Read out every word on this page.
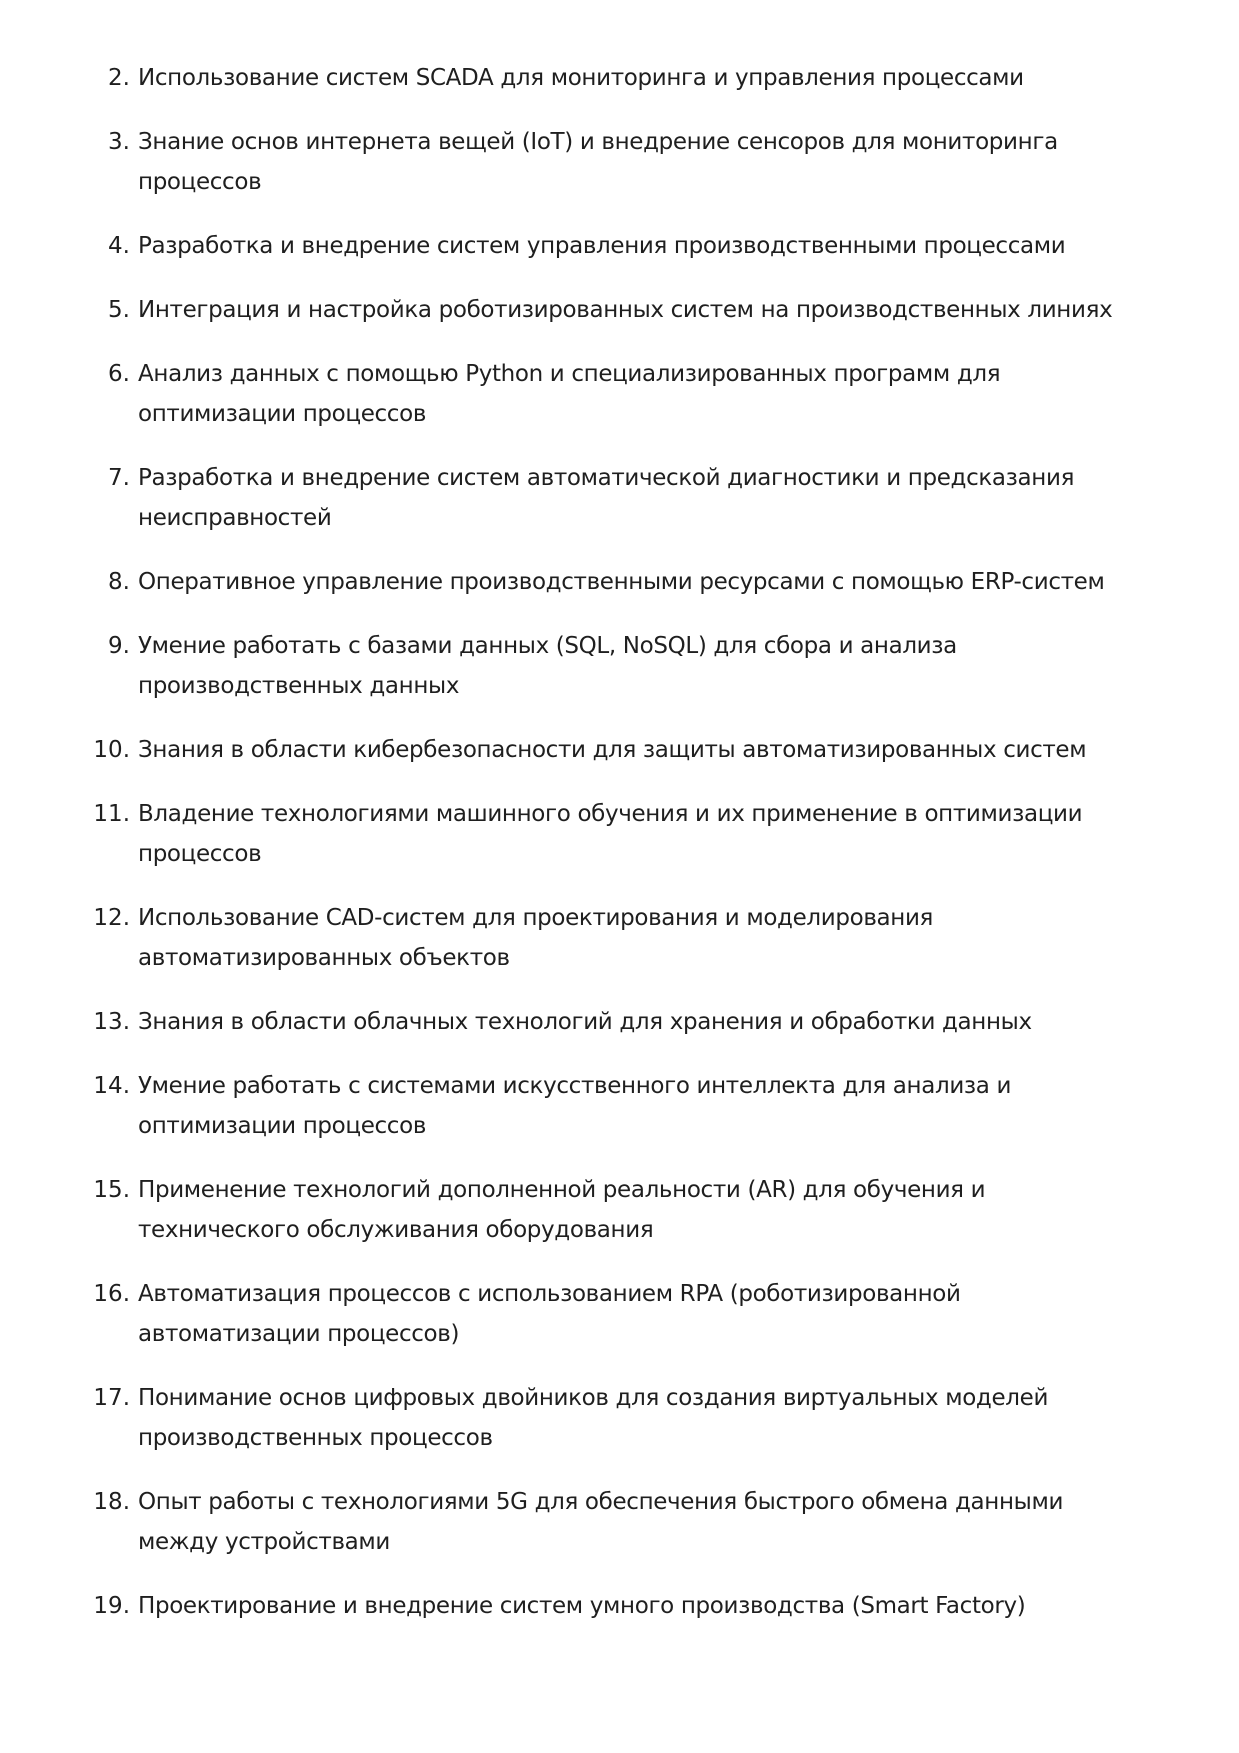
2. Использование систем SCADA для мониторинга и управления процессами
3. Знание основ интернета вещей (IoT) и внедрение сенсоров для мониторинга процессов
4. Разработка и внедрение систем управления производственными процессами
5. Интеграция и настройка роботизированных систем на производственных линиях
6. Анализ данных с помощью Python и специализированных программ для оптимизации процессов
7. Разработка и внедрение систем автоматической диагностики и предсказания неисправностей
8. Оперативное управление производственными ресурсами с помощью ERP-систем
9. Умение работать с базами данных (SQL, NoSQL) для сбора и анализа производственных данных
10. Знания в области кибербезопасности для защиты автоматизированных систем
11. Владение технологиями машинного обучения и их применение в оптимизации процессов
12. Использование CAD-систем для проектирования и моделирования автоматизированных объектов
13. Знания в области облачных технологий для хранения и обработки данных
14. Умение работать с системами искусственного интеллекта для анализа и оптимизации процессов
15. Применение технологий дополненной реальности (AR) для обучения и технического обслуживания оборудования
16. Автоматизация процессов с использованием RPA (роботизированной автоматизации процессов)
17. Понимание основ цифровых двойников для создания виртуальных моделей производственных процессов
18. Опыт работы с технологиями 5G для обеспечения быстрого обмена данными между устройствами
19. Проектирование и внедрение систем умного производства (Smart Factory)
